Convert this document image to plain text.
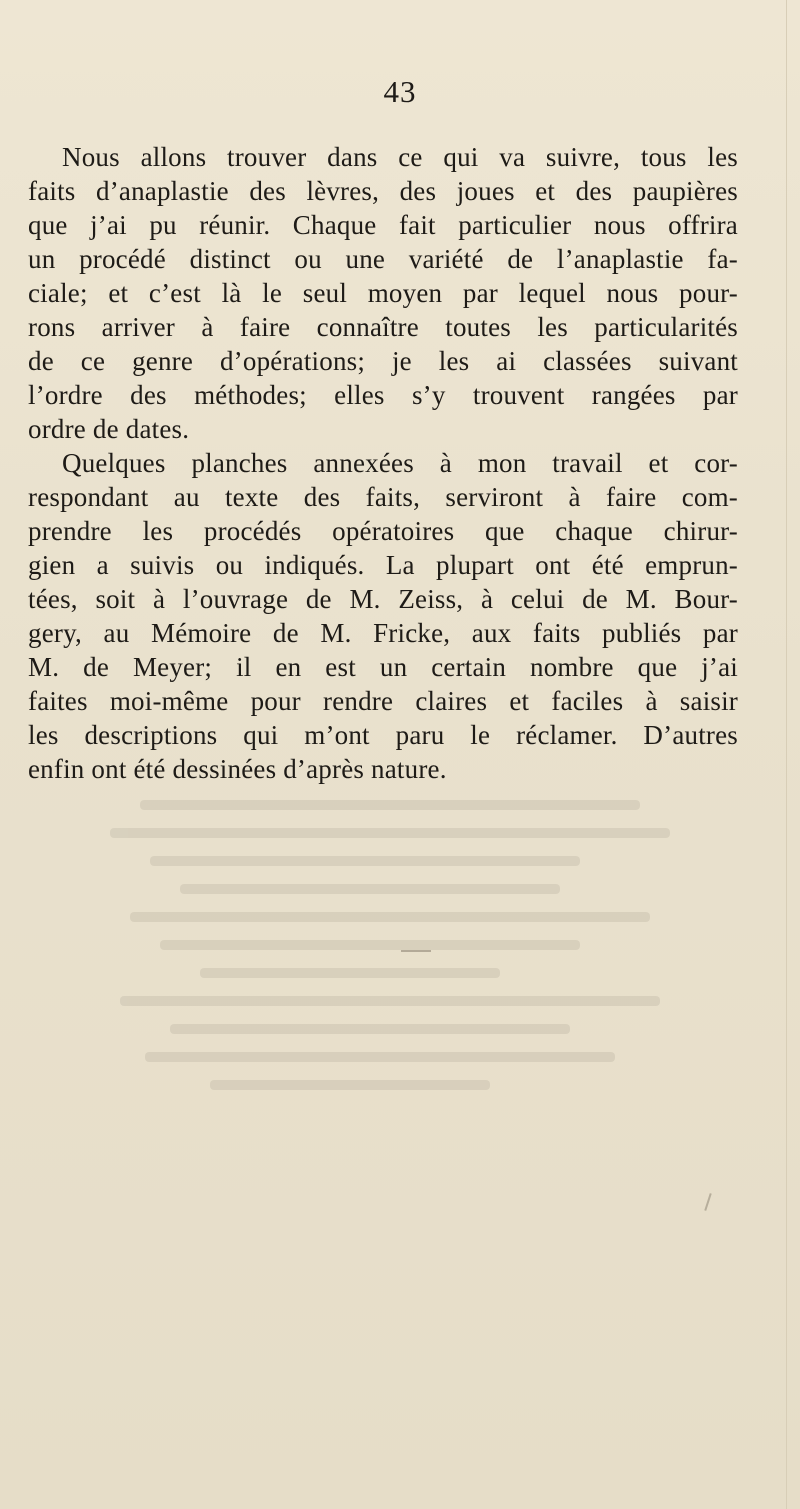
43
Nous allons trouver dans ce qui va suivre, tous les
faits d’anaplastie des lèvres, des joues et des paupières
que j’ai pu réunir. Chaque fait particulier nous offrira
un procédé distinct ou une variété de l’anaplastie fa-
ciale; et c’est là le seul moyen par lequel nous pour-
rons arriver à faire connaître toutes les particularités
de ce genre d’opérations; je les ai classées suivant
l’ordre des méthodes; elles s’y trouvent rangées par
ordre de dates.
Quelques planches annexées à mon travail et cor-
respondant au texte des faits, serviront à faire com-
prendre les procédés opératoires que chaque chirur-
gien a suivis ou indiqués. La plupart ont été emprun-
tées, soit à l’ouvrage de M. Zeiss, à celui de M. Bour-
gery, au Mémoire de M. Fricke, aux faits publiés par
M. de Meyer; il en est un certain nombre que j’ai
faites moi-même pour rendre claires et faciles à saisir
les descriptions qui m’ont paru le réclamer. D’autres
enfin ont été dessinées d’après nature.
